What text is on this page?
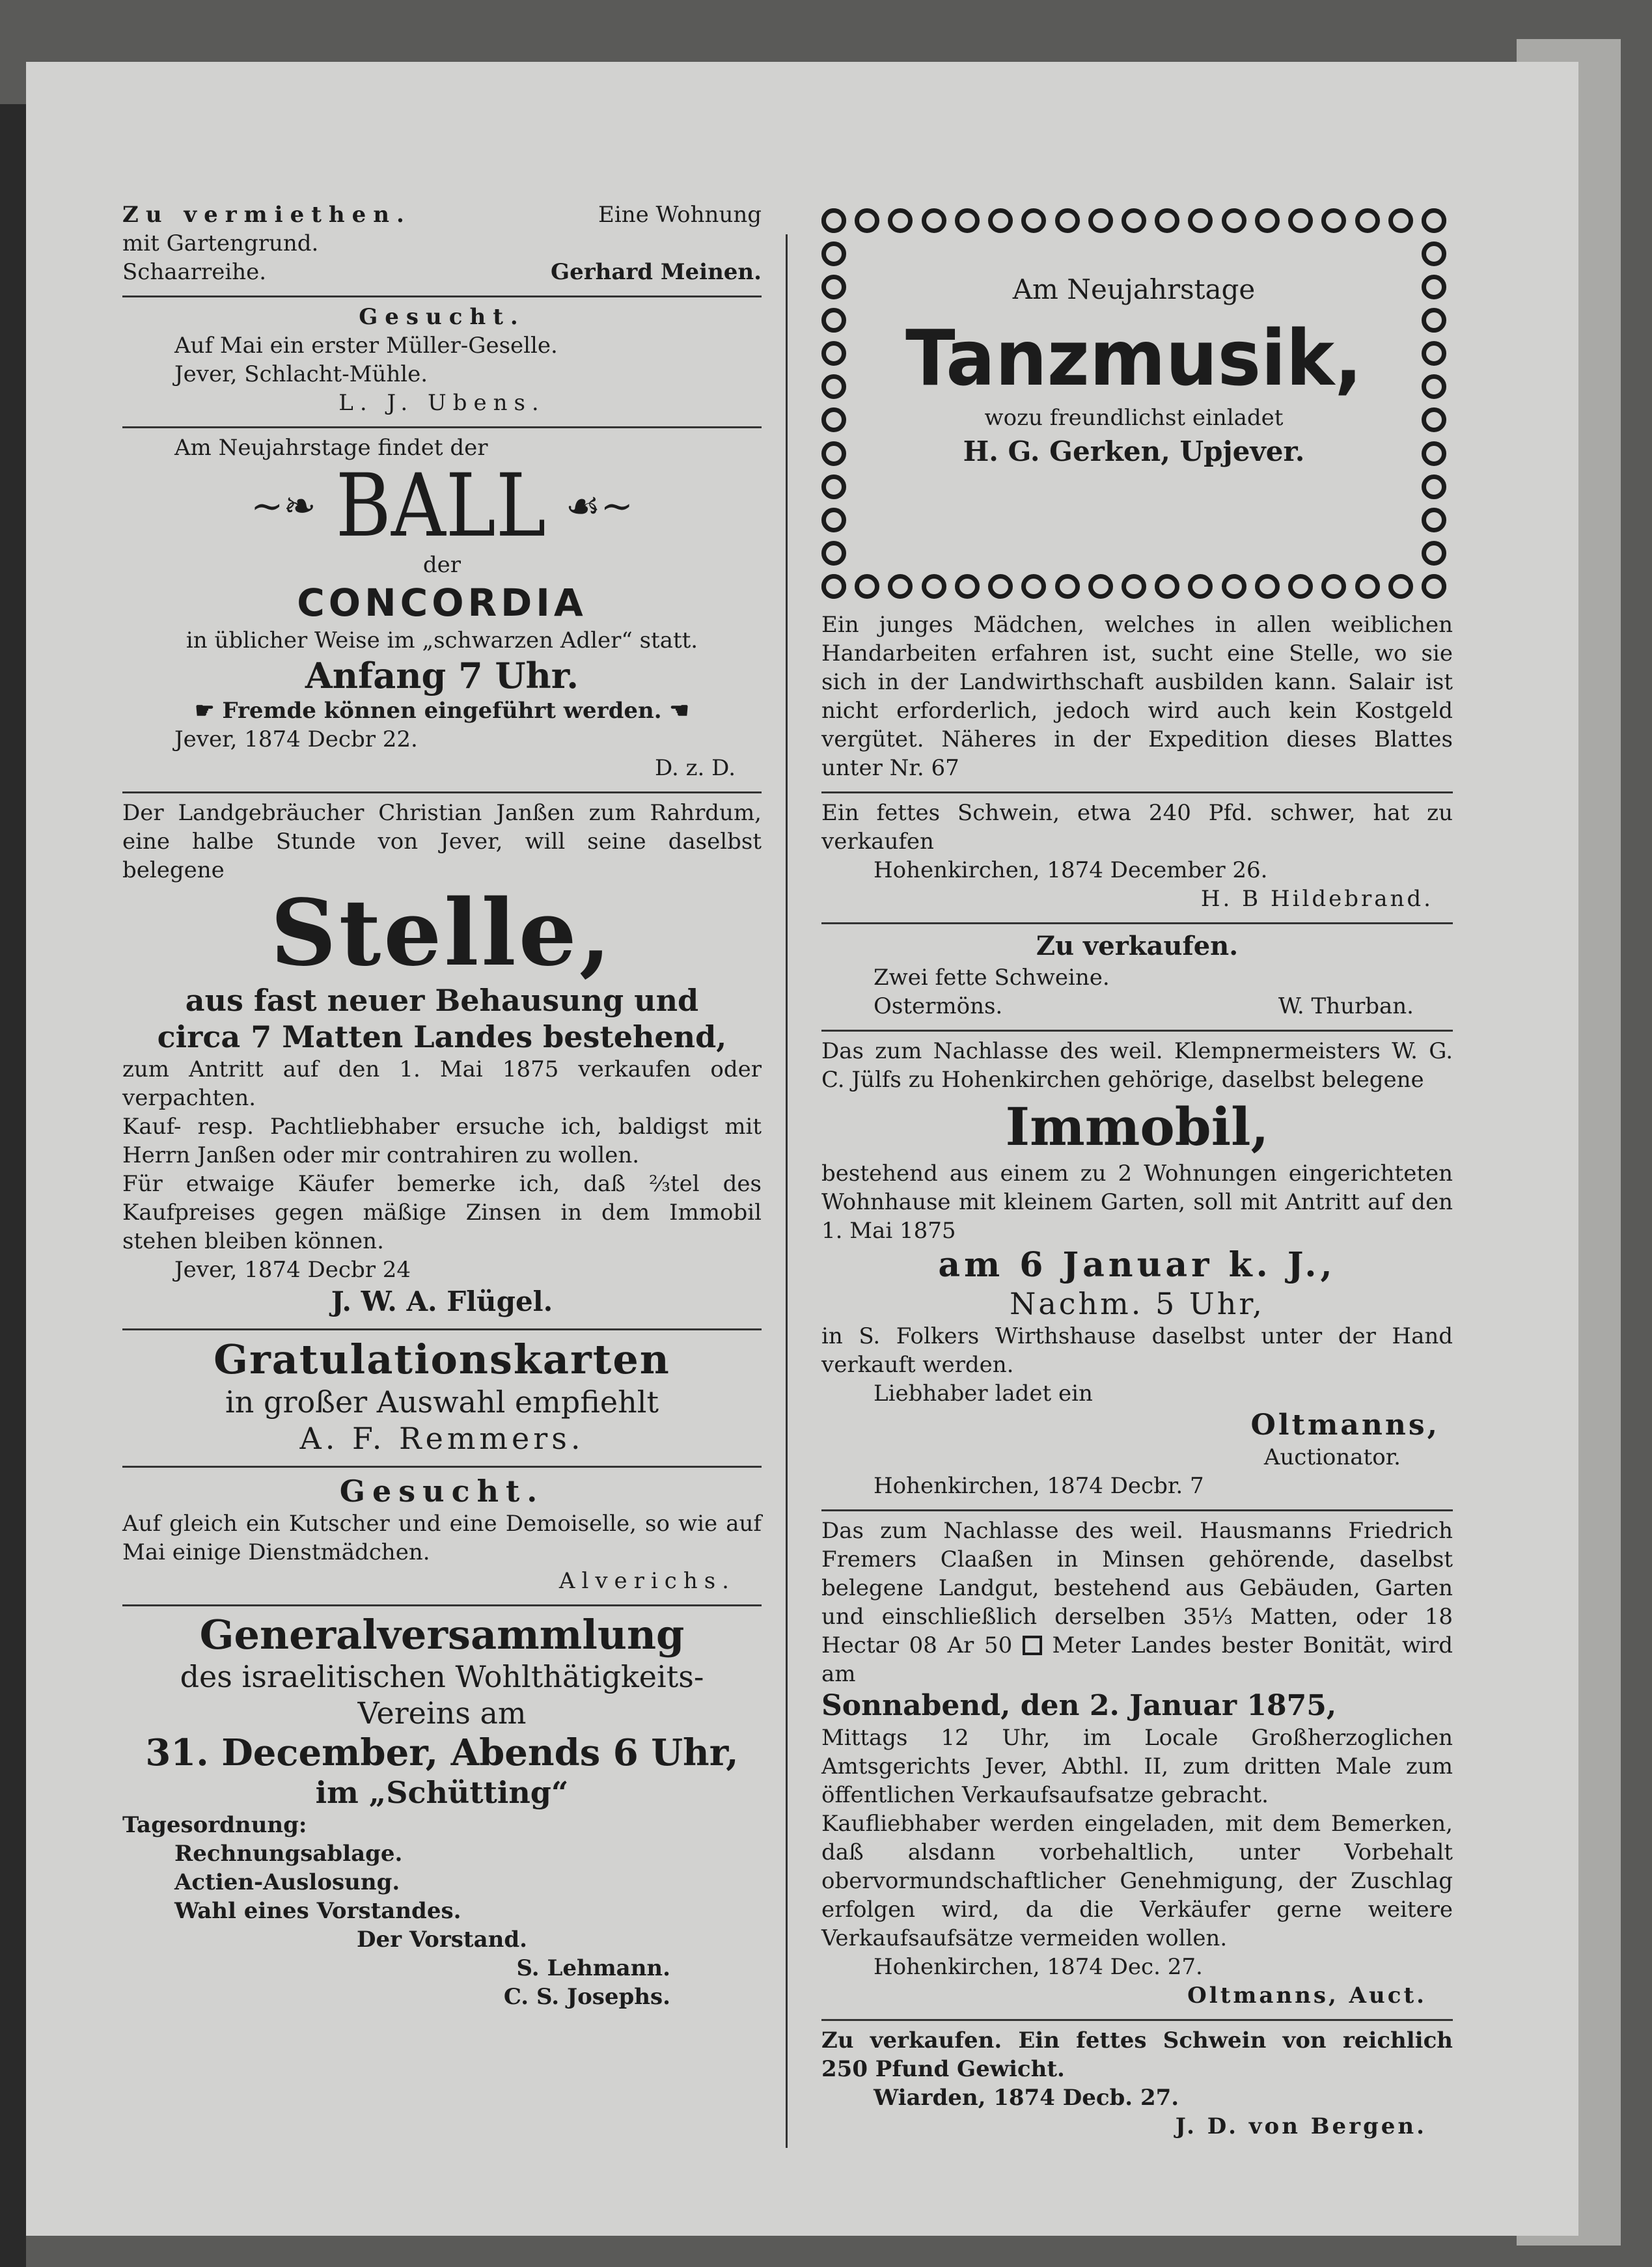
Zu vermiethen.	Eine Wohnung
mit Gartengrund.
Schaarreihe.	Gerhard Meinen.
Gesucht.
Auf Mai ein erster Müller-Geselle.
Jever, Schlacht-Mühle.
L. J. Ubens.
Am Neujahrstage findet der
~❧ BALL ☙~
der
CONCORDIA
in üblicher Weise im „schwarzen Adler“ statt.
Anfang 7 Uhr.
☛ Fremde können eingeführt werden. ☚
Jever, 1874 Decbr 22.
D. z. D.
Der Landgebräucher Christian Janßen zum Rahrdum, eine halbe Stunde von Jever, will seine daselbst belegene
Stelle,
aus fast neuer Behausung und
circa 7 Matten Landes bestehend,
zum Antritt auf den 1. Mai 1875 verkaufen oder verpachten.
Kauf- resp. Pachtliebhaber ersuche ich, baldigst mit Herrn Janßen oder mir contrahiren zu wollen.
Für etwaige Käufer bemerke ich, daß ⅔tel des Kaufpreises gegen mäßige Zinsen in dem Immobil stehen bleiben können.
Jever, 1874 Decbr 24
J. W. A. Flügel.
Gratulationskarten
in großer Auswahl empfiehlt
A. F. Remmers.
Gesucht.
Auf gleich ein Kutscher und eine Demoiselle, so wie auf Mai einige Dienstmädchen.
Alverichs.
Generalversammlung
des israelitischen Wohlthätigkeits-
Vereins am
31. December, Abends 6 Uhr,
im „Schütting“
Tagesordnung:
Rechnungsablage.
Actien-Auslosung.
Wahl eines Vorstandes.
Der Vorstand.
S. Lehmann.
C. S. Josephs.
Am Neujahrstage
Tanzmusik,
wozu freundlichst einladet
H. G. Gerken, Upjever.
Ein junges Mädchen, welches in allen weiblichen Handarbeiten erfahren ist, sucht eine Stelle, wo sie sich in der Landwirthschaft ausbilden kann. Salair ist nicht erforderlich, jedoch wird auch kein Kostgeld vergütet. Näheres in der Expedition dieses Blattes unter Nr. 67
Ein fettes Schwein, etwa 240 Pfd. schwer, hat zu verkaufen
Hohenkirchen, 1874 December 26.
H. B Hildebrand.
Zu verkaufen.
Zwei fette Schweine.
Ostermöns.	W. Thurban.
Das zum Nachlasse des weil. Klempnermeisters W. G. C. Jülfs zu Hohenkirchen gehörige, daselbst belegene
Immobil,
bestehend aus einem zu 2 Wohnungen eingerichteten Wohnhause mit kleinem Garten, soll mit Antritt auf den 1. Mai 1875
am 6 Januar k. J.,
Nachm. 5 Uhr,
in S. Folkers Wirthshause daselbst unter der Hand verkauft werden.
Liebhaber ladet ein
Oltmanns,
Auctionator.
Hohenkirchen, 1874 Decbr. 7
Das zum Nachlasse des weil. Hausmanns Friedrich Fremers Claaßen in Minsen gehörende, daselbst belegene Landgut, bestehend aus Gebäuden, Garten und einschließlich derselben 35⅓ Matten, oder 18 Hectar 08 Ar 50 Meter Landes bester Bonität, wird am
Sonnabend, den 2. Januar 1875,
Mittags 12 Uhr, im Locale Großherzoglichen Amtsgerichts Jever, Abthl. II, zum dritten Male zum öffentlichen Verkaufsaufsatze gebracht.
Kaufliebhaber werden eingeladen, mit dem Bemerken, daß alsdann vorbehaltlich, unter Vorbehalt obervormundschaftlicher Genehmigung, der Zuschlag erfolgen wird, da die Verkäufer gerne weitere Verkaufsaufsätze vermeiden wollen.
Hohenkirchen, 1874 Dec. 27.
Oltmanns, Auct.
Zu verkaufen. Ein fettes Schwein von reichlich 250 Pfund Gewicht.
Wiarden, 1874 Decb. 27.
J. D. von Bergen.
